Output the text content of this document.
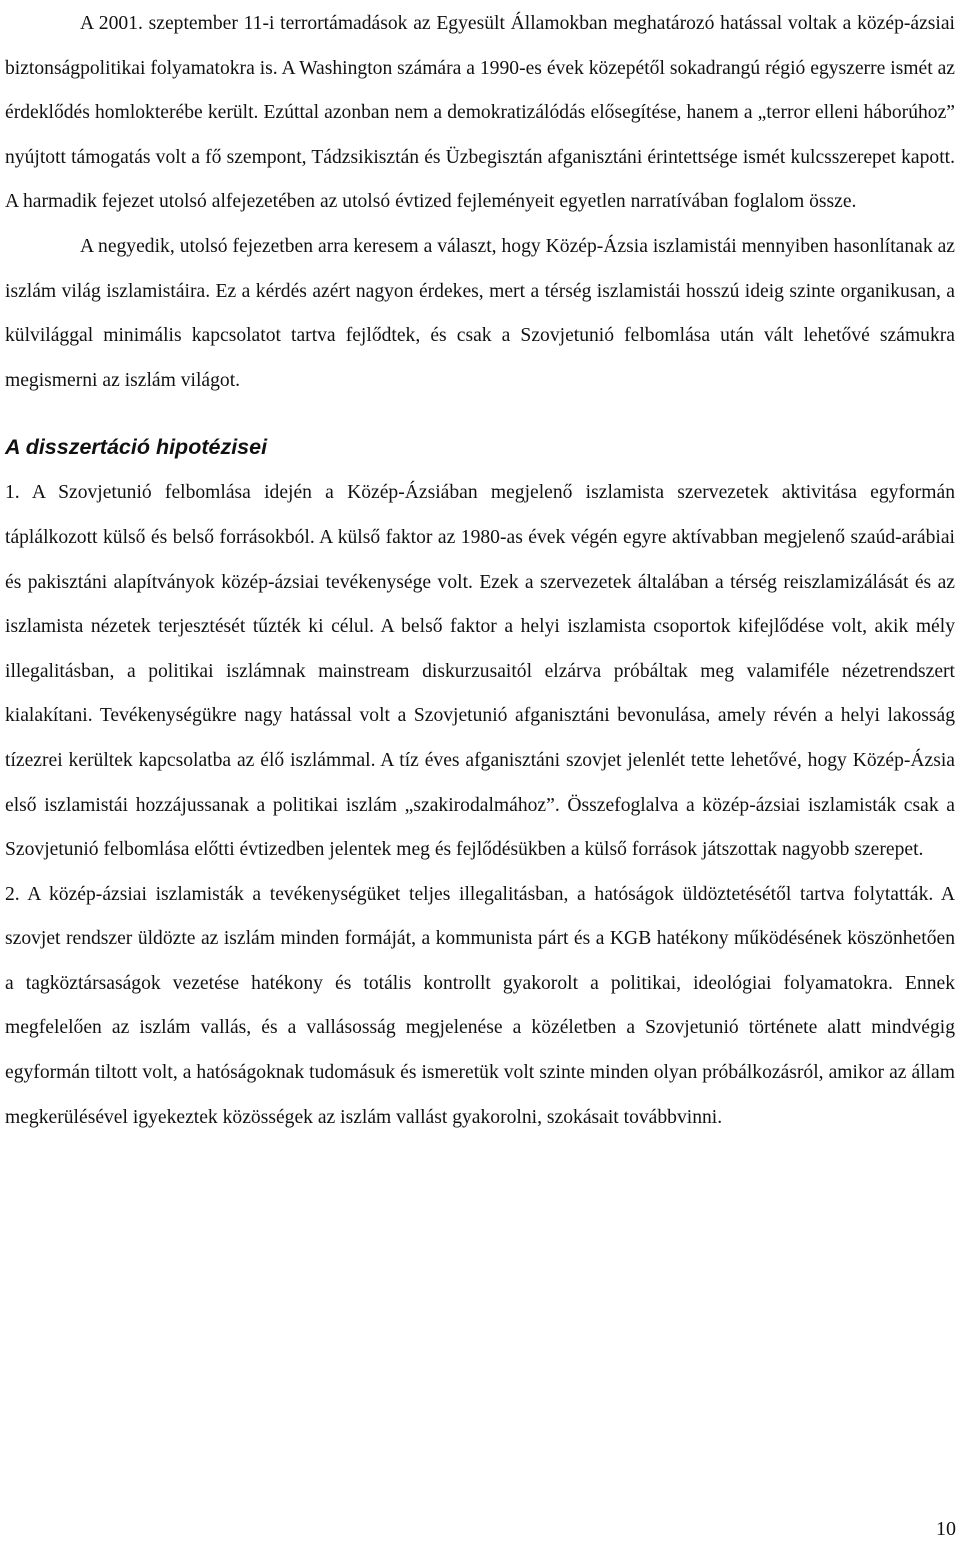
A 2001. szeptember 11-i terrortámadások az Egyesült Államokban meghatározó hatással voltak a közép-ázsiai biztonságpolitikai folyamatokra is. A Washington számára a 1990-es évek közepétől sokadrangú régió egyszerre ismét az érdeklődés homlokterébe került. Ezúttal azonban nem a demokratizálódás elősegítése, hanem a „terror elleni háborúhoz” nyújtott támogatás volt a fő szempont, Tádzsikisztán és Üzbegisztán afganisztáni érintettsége ismét kulcsszerepet kapott. A harmadik fejezet utolsó alfejezetében az utolsó évtized fejleményeit egyetlen narratívában foglalom össze.

A negyedik, utolsó fejezetben arra keresem a választ, hogy Közép-Ázsia iszlamistái mennyiben hasonlítanak az iszlám világ iszlamistáira. Ez a kérdés azért nagyon érdekes, mert a térség iszlamistái hosszú ideig szinte organikusan, a külvilággal minimális kapcsolatot tartva fejlődtek, és csak a Szovjetunió felbomlása után vált lehetővé számukra megismerni az iszlám világot.

A disszertáció hipotézisei

1. A Szovjetunió felbomlása idején a Közép-Ázsiában megjelenő iszlamista szervezetek aktivitása egyformán táplálkozott külső és belső forrásokból. A külső faktor az 1980-as évek végén egyre aktívabban megjelenő szaúd-arábiai és pakisztáni alapítványok közép-ázsiai tevékenysége volt. Ezek a szervezetek általában a térség reiszlamizálását és az iszlamista nézetek terjesztését tűzték ki célul. A belső faktor a helyi iszlamista csoportok kifejlődése volt, akik mély illegalitásban, a politikai iszlámnak mainstream diskurzusaitól elzárva próbáltak meg valamiféle nézetrendszert kialakítani. Tevékenységükre nagy hatással volt a Szovjetunió afganisztáni bevonulása, amely révén a helyi lakosság tízezrei kerültek kapcsolatba az élő iszlámmal. A tíz éves afganisztáni szovjet jelenlét tette lehetővé, hogy Közép-Ázsia első iszlamistái hozzájussanak a politikai iszlám „szakirodalmához”. Összefoglalva a közép-ázsiai iszlamisták csak a Szovjetunió felbomlása előtti évtizedben jelentek meg és fejlődésükben a külső források játszottak nagyobb szerepet.

2. A közép-ázsiai iszlamisták a tevékenységüket teljes illegalitásban, a hatóságok üldöztetésétől tartva folytatták. A szovjet rendszer üldözte az iszlám minden formáját, a kommunista párt és a KGB hatékony működésének köszönhetően a tagköztársaságok vezetése hatékony és totális kontrollt gyakorolt a politikai, ideológiai folyamatokra. Ennek megfelelően az iszlám vallás, és a vallásosság megjelenése a közéletben a Szovjetunió története alatt mindvégig egyformán tiltott volt, a hatóságoknak tudomásuk és ismeretük volt szinte minden olyan próbálkozásról, amikor az állam megkerülésével igyekeztek közösségek az iszlám vallást gyakorolni, szokásait továbbvinni.

10
